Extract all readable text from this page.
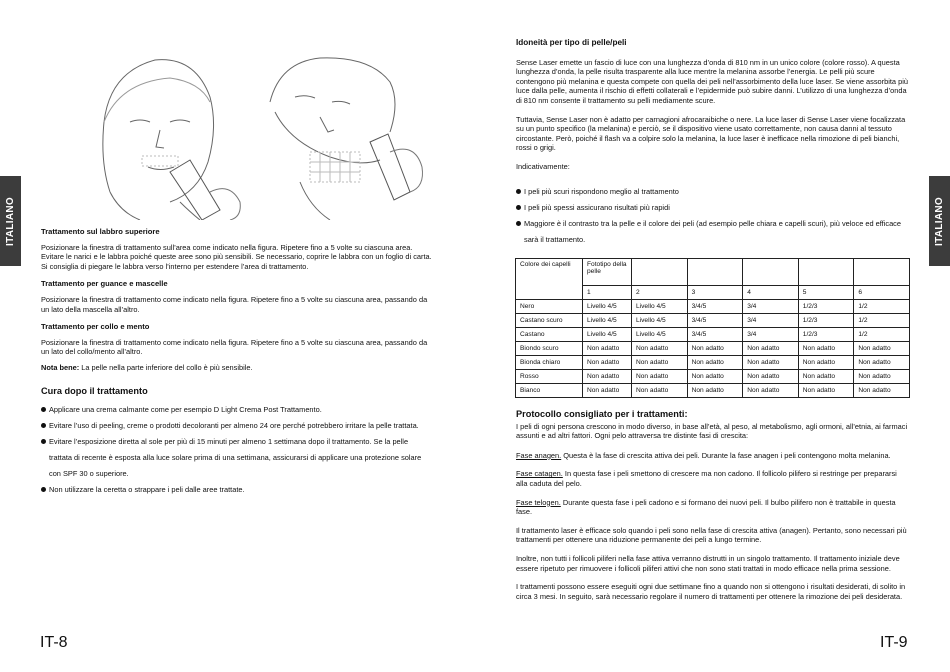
ITALIANO	Trattamento sul labbro superiore

Posizionare la finestra di trattamento sull’area come indicato nella figura. Ripetere fino a 5 volte su ciascuna area. Evitare le narici e le labbra poiché queste aree sono più sensibili. Se necessario, coprire le labbra con un foglio di carta. Si consiglia di piegare le labbra verso l’interno per estendere l’area di trattamento.

Trattamento per guance e mascelle

Posizionare la finestra di trattamento come indicato nella figura. Ripetere fino a 5 volte su ciascuna area, passando da un lato della mascella all’altro.

Trattamento per collo e mento

Posizionare la finestra di trattamento come indicato nella figura. Ripetere fino a 5 volte su ciascuna area, passando da un lato del collo/mento all’altro.

Nota bene: La pelle nella parte inferiore del collo è più sensibile.

Cura dopo il trattamento
Applicare una crema calmante come per esempio D Light Crema Post Trattamento.
Evitare l’uso di peeling, creme o prodotti decoloranti per almeno 24 ore perché potrebbero irritare la pelle trattata.
Evitare l’esposizione diretta al sole per più di 15 minuti per almeno 1 settimana dopo il trattamento. Se la pelle trattata di recente è esposta alla luce solare prima di una settimana, assicurarsi di applicare una protezione solare con SPF 30 o superiore.
Non utilizzare la ceretta o strappare i peli dalle aree trattate.
IT-8
ITALIANO
IT-9
Idoneità per tipo di pelle/peli

Sense Laser emette un fascio di luce con una lunghezza d’onda di 810 nm in un unico colore (colore rosso). A questa lunghezza d’onda, la pelle risulta trasparente alla luce mentre la melanina assorbe l’energia. Le pelli più scure contengono più melanina e questa compete con quella dei peli nell’assorbimento della luce laser. Se viene assorbita più luce dalla pelle, aumenta il rischio di effetti collaterali e l’epidermide può subire danni. L’utilizzo di una lunghezza d’onda di 810 nm consente il trattamento su pelli mediamente scure.

Tuttavia, Sense Laser non è adatto per carnagioni afrocaraibiche o nere. La luce laser di Sense Laser viene focalizzata su un punto specifico (la melanina) e perciò, se il dispositivo viene usato correttamente, non causa danni al tessuto circostante. Però, poiché il flash va a colpire solo la melanina, la luce laser è inefficace nella rimozione di peli bianchi, rossi o grigi.

Indicativamente:

I peli più scuri rispondono meglio al trattamento
I peli più spessi assicurano risultati più rapidi
Maggiore è il contrasto tra la pelle e il colore dei peli (ad esempio pelle chiara e capelli scuri), più veloce ed efficace sarà il trattamento.
Colore dei capelli	Fototipo della pelle					
	1	2	3	4	5	6
Nero	Livello 4/5	Livello 4/5	3/4/5	3/4	1/2/3	1/2
Castano scuro	Livello 4/5	Livello 4/5	3/4/5	3/4	1/2/3	1/2
Castano	Livello 4/5	Livello 4/5	3/4/5	3/4	1/2/3	1/2
Biondo scuro	Non adatto	Non adatto	Non adatto	Non adatto	Non adatto	Non adatto
Bionda chiaro	Non adatto	Non adatto	Non adatto	Non adatto	Non adatto	Non adatto
Rosso	Non adatto	Non adatto	Non adatto	Non adatto	Non adatto	Non adatto
Bianco	Non adatto	Non adatto	Non adatto	Non adatto	Non adatto	Non adatto
Protocollo consigliato per i trattamenti:

I peli di ogni persona crescono in modo diverso, in base all’età, al peso, al metabolismo, agli ormoni, all’etnia, ai farmaci assunti e ad altri fattori. Ogni pelo attraversa tre distinte fasi di crescita:

Fase anagen. Questa è la fase di crescita attiva dei peli. Durante la fase anagen i peli contengono molta melanina.

Fase catagen. In questa fase i peli smettono di crescere ma non cadono. Il follicolo pilifero si restringe per prepararsi alla caduta del pelo.

Fase telogen. Durante questa fase i peli cadono e si formano dei nuovi peli. Il bulbo pilifero non è trattabile in questa fase.

Il trattamento laser è efficace solo quando i peli sono nella fase di crescita attiva (anagen). Pertanto, sono necessari più trattamenti per ottenere una riduzione permanente dei peli a lungo termine.

Inoltre, non tutti i follicoli piliferi nella fase attiva verranno distrutti in un singolo trattamento. Il trattamento iniziale deve essere ripetuto per rimuovere i follicoli piliferi attivi che non sono stati trattati in modo efficace nella prima sessione.

I trattamenti possono essere eseguiti ogni due settimane fino a quando non si ottengono i risultati desiderati, di solito in circa 3 mesi. In seguito, sarà necessario regolare il numero di trattamenti per ottenere la rimozione dei peli desiderata.
